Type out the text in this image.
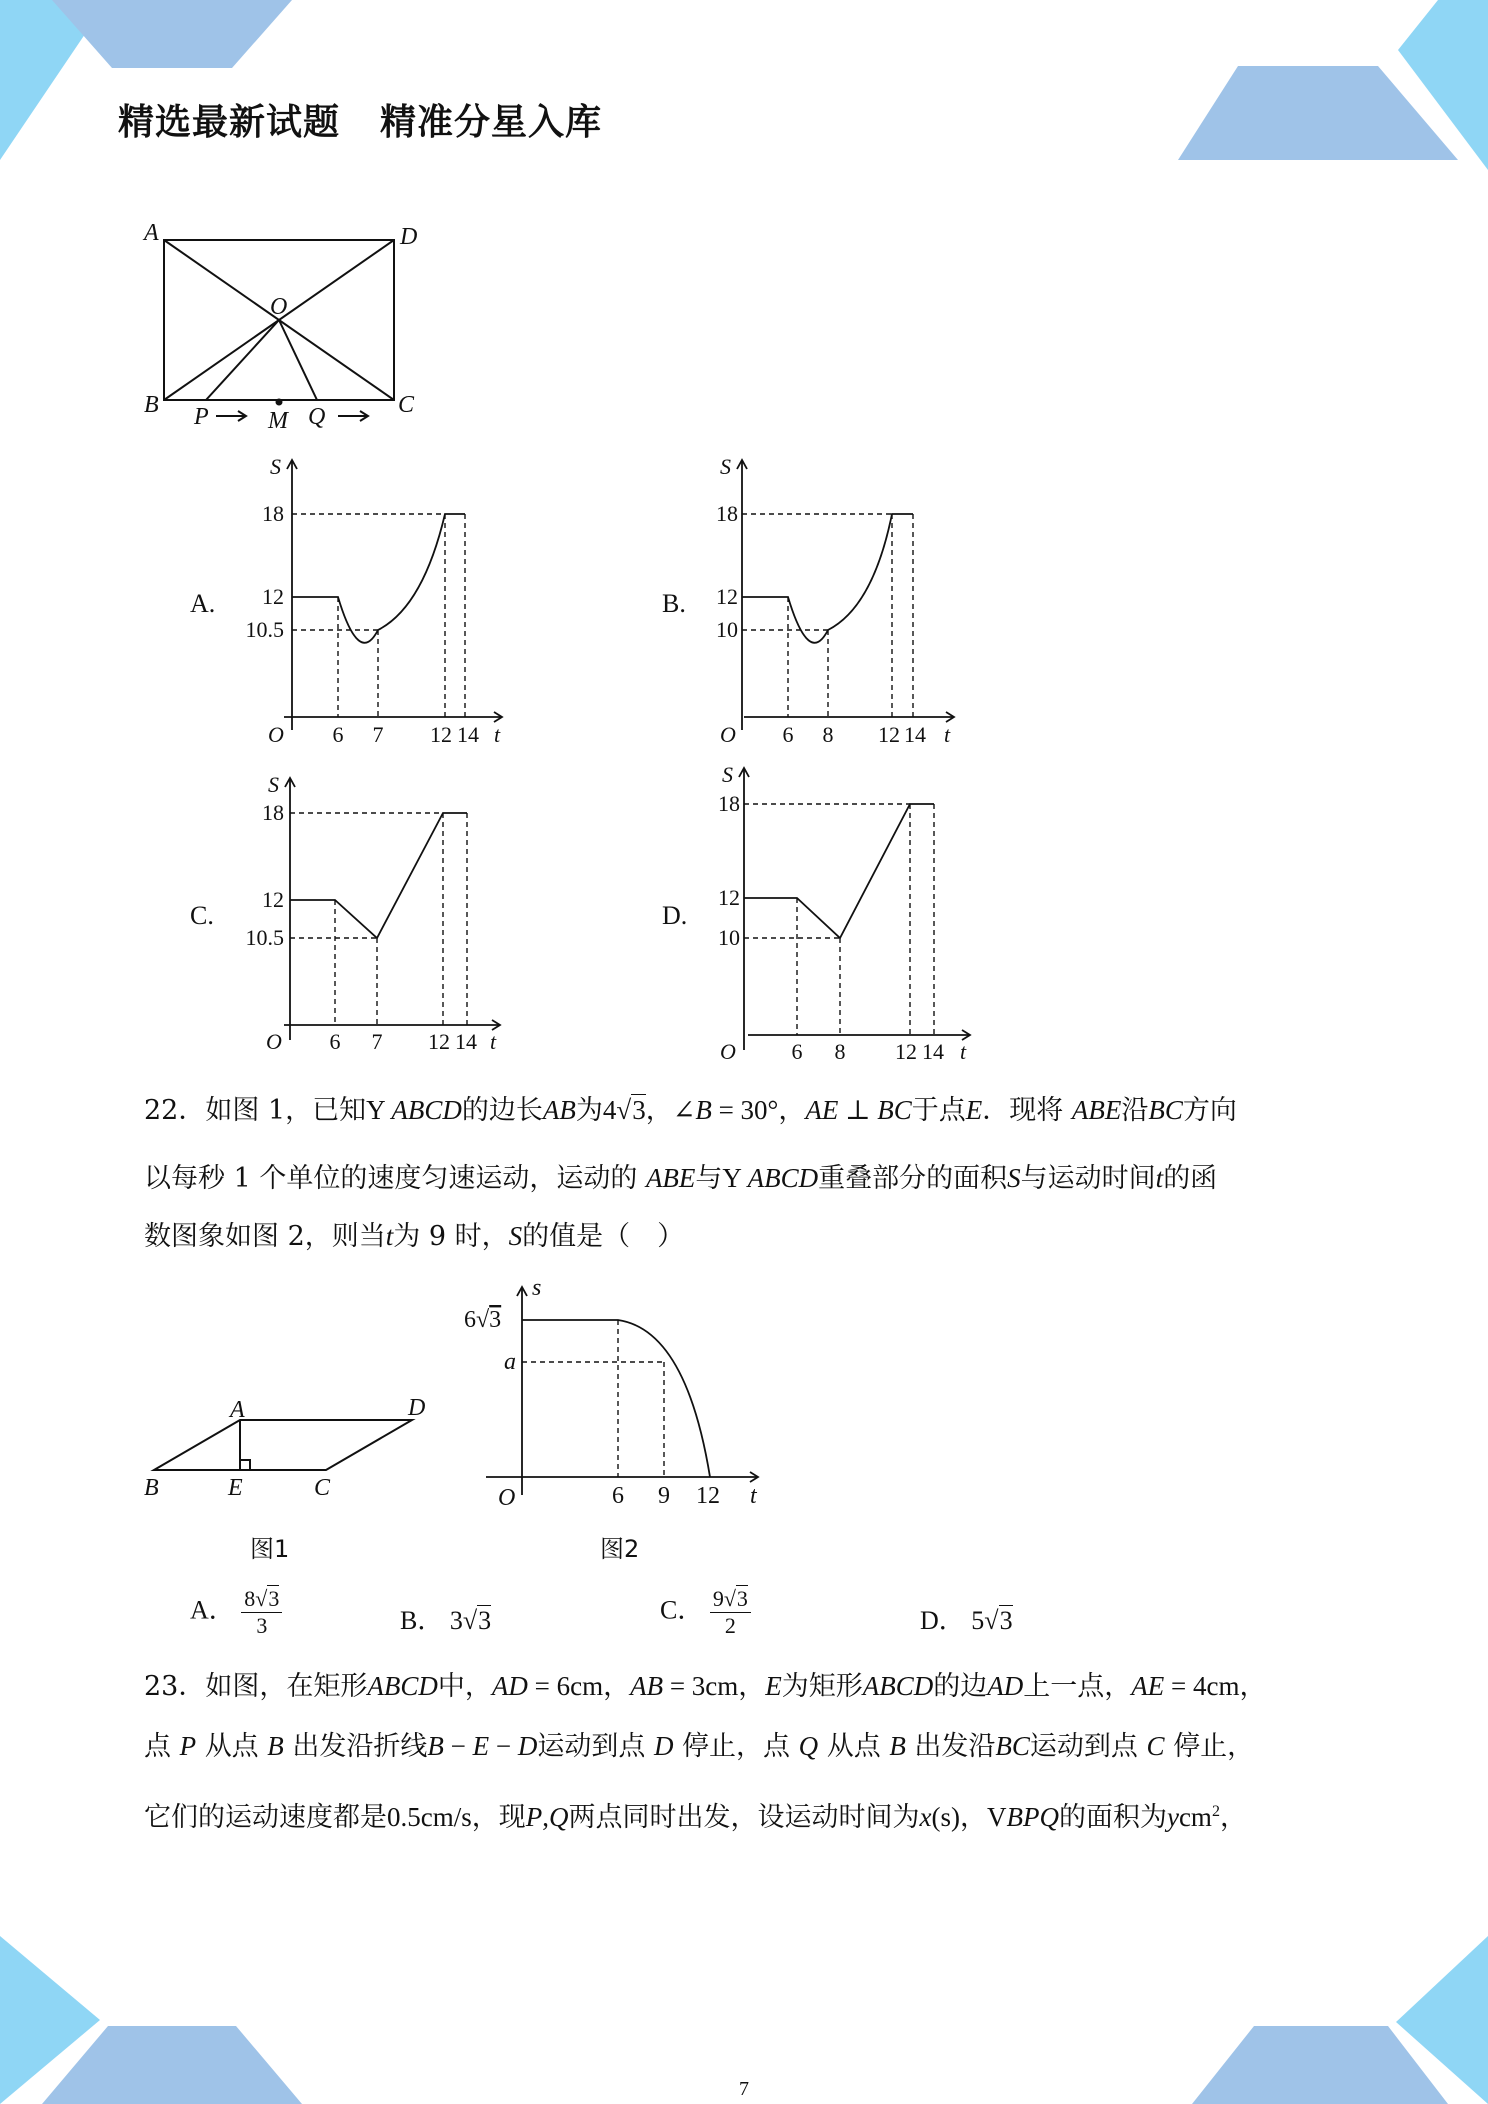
精选最新试题 精准分星入库
A	D
O
B	C
P M Q
A.
18
12
10.5
6 7 12 14
O	t
S
B.
18
12
10
6 8 12 14
O	t
S
C.
18
12
10.5
6 7 12 14
O	t
S
D.
18
12
10
6 8 12 14
O	t
S
22．如图 1，已知Y ABCD的边长AB为4√3，∠B = 30°，AE ⊥ BC于点E．现将 ABE沿BC方向
以每秒 1 个单位的速度匀速运动，运动的 ABE与Y ABCD重叠部分的面积S与运动时间t的函
数图象如图 2，则当t为 9 时，S的值是（　）
A	D
B	E	C
图1
s
6√3
a
O	6 9 12 t
图2
A． $\frac{8√3}{3}$	B． 3√3	C． $\frac{9√3}{2}$	D． 5√3
23．如图，在矩形ABCD中，AD = 6cm，AB = 3cm，E为矩形ABCD的边AD上一点，AE = 4cm，
点 P 从点 B 出发沿折线B − E − D运动到点 D 停止，点 Q 从点 B 出发沿BC运动到点 C 停止，
它们的运动速度都是0.5cm/s，现P,Q两点同时出发，设运动时间为x(s)，VBPQ的面积为ycm$^2$，
7
